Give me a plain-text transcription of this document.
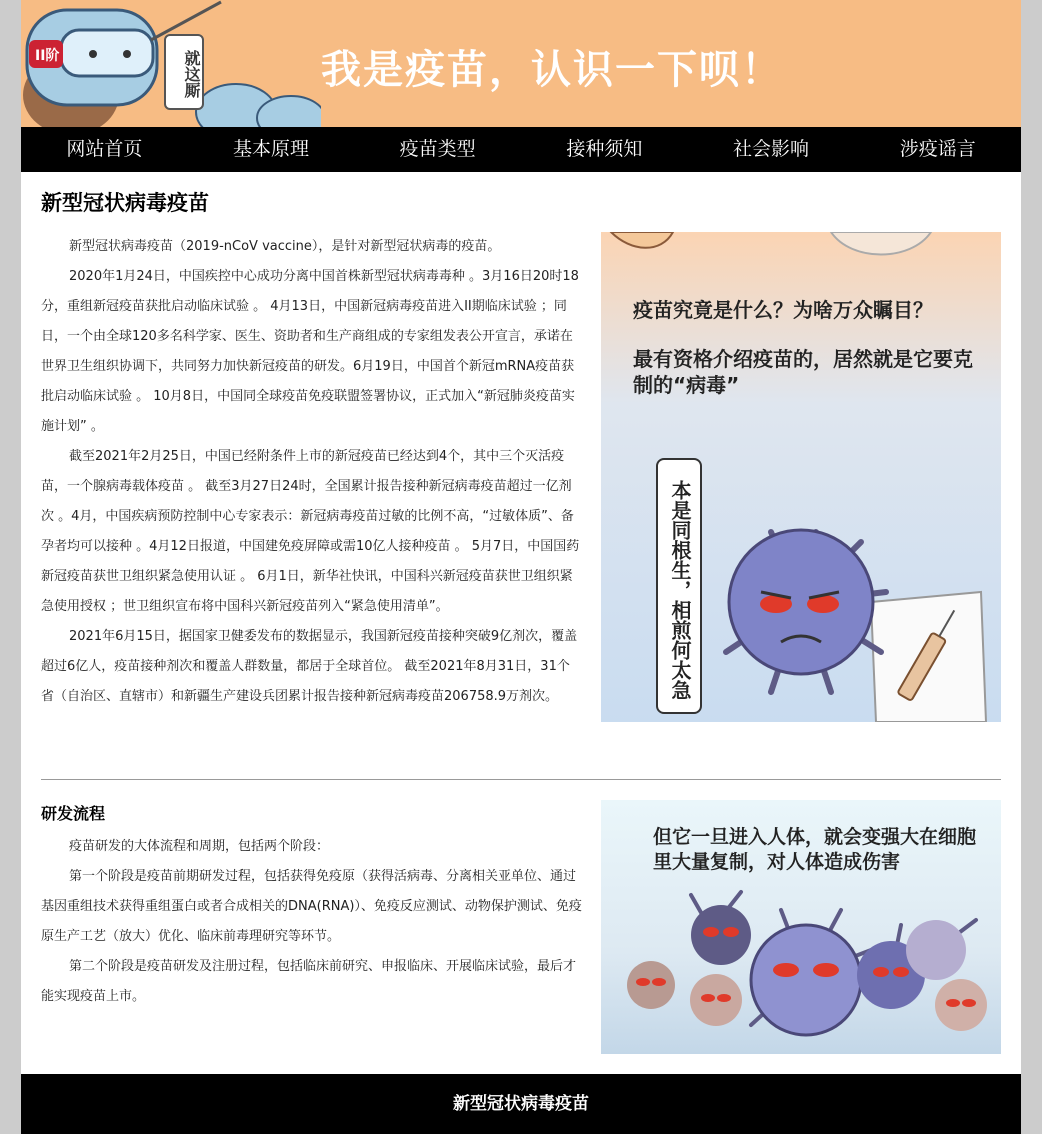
II阶	就这厮	我是疫苗，认识一下呗！
网站首页	基本原理	疫苗类型	接种须知	社会影响	涉疫谣言
新型冠状病毒疫苗

新型冠状病毒疫苗（2019-nCoV vaccine），是针对新型冠状病毒的疫苗。

2020年1月24日，中国疾控中心成功分离中国首株新型冠状病毒毒种 。3月16日20时18分，重组新冠疫苗获批启动临床试验 。 4月13日，中国新冠病毒疫苗进入II期临床试验 ；同日，一个由全球120多名科学家、医生、资助者和生产商组成的专家组发表公开宣言，承诺在世界卫生组织协调下，共同努力加快新冠疫苗的研发。6月19日，中国首个新冠mRNA疫苗获批启动临床试验 。 10月8日，中国同全球疫苗免疫联盟签署协议，正式加入“新冠肺炎疫苗实施计划” 。

截至2021年2月25日，中国已经附条件上市的新冠疫苗已经达到4个，其中三个灭活疫苗，一个腺病毒载体疫苗 。 截至3月27日24时，全国累计报告接种新冠病毒疫苗超过一亿剂次 。4月，中国疾病预防控制中心专家表示：新冠病毒疫苗过敏的比例不高，“过敏体质”、备孕者均可以接种 。4月12日报道，中国建免疫屏障或需10亿人接种疫苗 。 5月7日，中国国药新冠疫苗获世卫组织紧急使用认证 。 6月1日，新华社快讯，中国科兴新冠疫苗获世卫组织紧急使用授权 ；世卫组织宣布将中国科兴新冠疫苗列入“紧急使用清单”。

2021年6月15日，据国家卫健委发布的数据显示，我国新冠疫苗接种突破9亿剂次，覆盖超过6亿人，疫苗接种剂次和覆盖人群数量，都居于全球首位。 截至2021年8月31日，31个省（自治区、直辖市）和新疆生产建设兵团累计报告接种新冠病毒疫苗206758.9万剂次。

疫苗究竟是什么？为啥万众瞩目？
最有资格介绍疫苗的，居然就是它要克制的“病毒”
本是同根生，相煎何太急
研发流程

疫苗研发的大体流程和周期，包括两个阶段：

第一个阶段是疫苗前期研发过程，包括获得免疫原（获得活病毒、分离相关亚单位、通过基因重组技术获得重组蛋白或者合成相关的DNA(RNA)）、免疫反应测试、动物保护测试、免疫原生产工艺（放大）优化、临床前毒理研究等环节。

第二个阶段是疫苗研发及注册过程，包括临床前研究、申报临床、开展临床试验，最后才能实现疫苗上市。

但它一旦进入人体，就会变强大在细胞里大量复制，对人体造成伤害
新型冠状病毒疫苗
